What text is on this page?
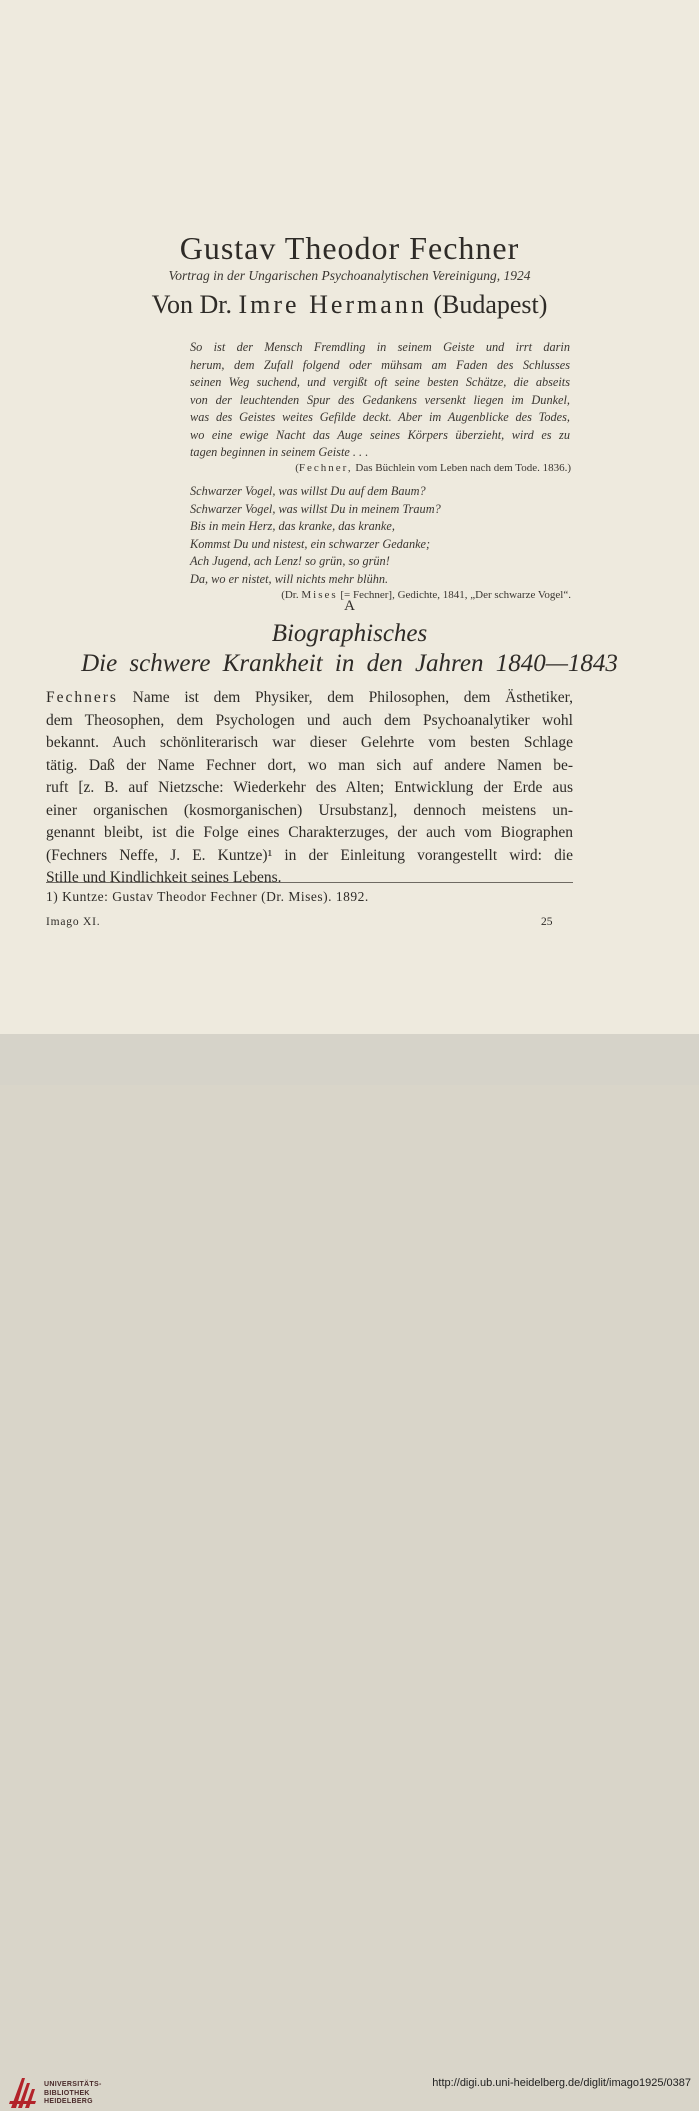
Gustav Theodor Fechner
Vortrag in der Ungarischen Psychoanalytischen Vereinigung, 1924
Von Dr. Imre Hermann (Budapest)
So ist der Mensch Fremdling in seinem Geiste und irrt darin
herum, dem Zufall folgend oder mühsam am Faden des Schlusses
seinen Weg suchend, und vergißt oft seine besten Schätze, die abseits
von der leuchtenden Spur des Gedankens versenkt liegen im Dunkel,
was des Geistes weites Gefilde deckt. Aber im Augenblicke des Todes,
wo eine ewige Nacht das Auge seines Körpers überzieht, wird es zu
tagen beginnen in seinem Geiste . . .
(Fechner, Das Büchlein vom Leben nach dem Tode. 1836.)
Schwarzer Vogel, was willst Du auf dem Baum?
Schwarzer Vogel, was willst Du in meinem Traum?
Bis in mein Herz, das kranke, das kranke,
Kommst Du und nistest, ein schwarzer Gedanke;
Ach Jugend, ach Lenz! so grün, so grün!
Da, wo er nistet, will nichts mehr blühn.
(Dr. Mises [= Fechner], Gedichte, 1841, „Der schwarze Vogel“.
A
Biographisches
Die schwere Krankheit in den Jahren 1840—1843
Fechners Name ist dem Physiker, dem Philosophen, dem Ästhetiker,
dem Theosophen, dem Psychologen und auch dem Psychoanalytiker wohl
bekannt. Auch schönliterarisch war dieser Gelehrte vom besten Schlage
tätig. Daß der Name Fechner dort, wo man sich auf andere Namen be-
ruft [z. B. auf Nietzsche: Wiederkehr des Alten; Entwicklung der Erde aus
einer organischen (kosmorganischen) Ursubstanz], dennoch meistens un-
genannt bleibt, ist die Folge eines Charakterzuges, der auch vom Biographen
(Fechners Neffe, J. E. Kuntze)¹ in der Einleitung vorangestellt wird: die
Stille und Kindlichkeit seines Lebens.
1) Kuntze: Gustav Theodor Fechner (Dr. Mises). 1892.
Imago XI.	25
UNIVERSITÄTS-
BIBLIOTHEK
HEIDELBERG
http://digi.ub.uni-heidelberg.de/diglit/imago1925/0387
